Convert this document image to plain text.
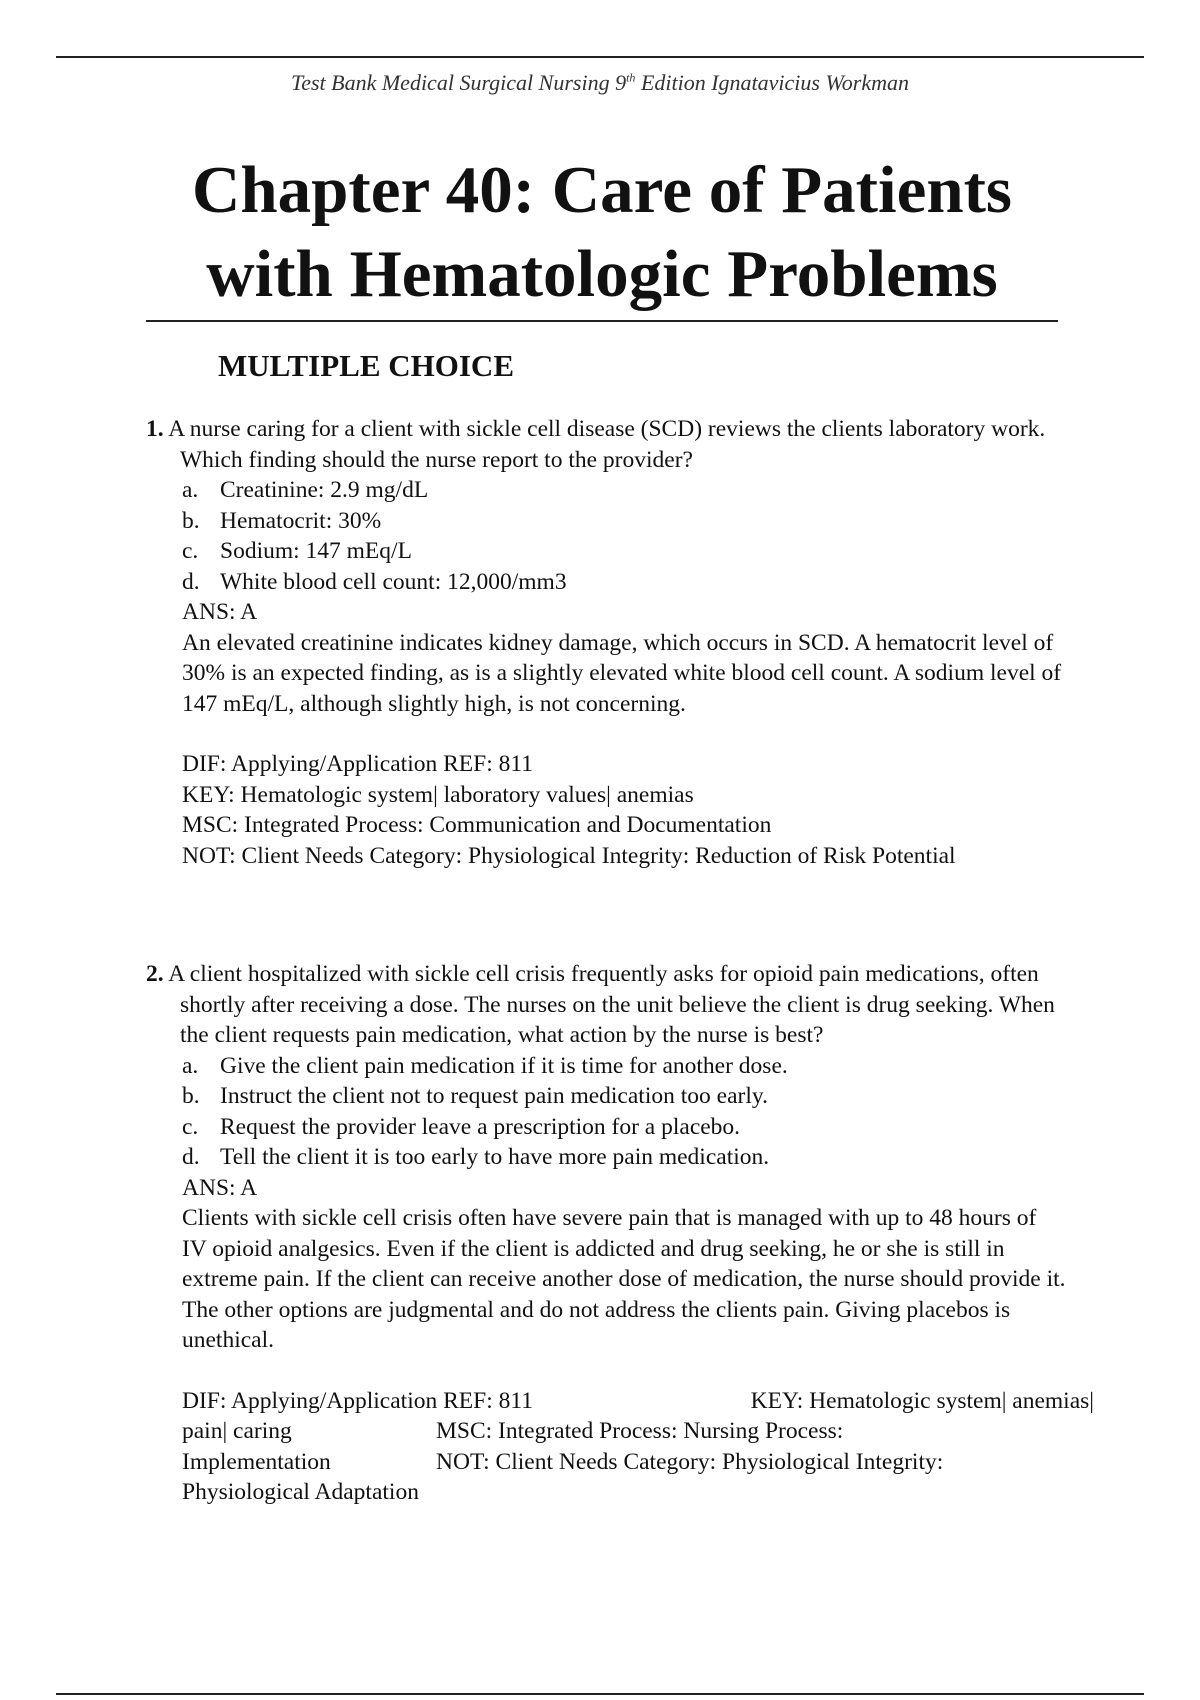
Test Bank Medical Surgical Nursing 9th Edition Ignatavicius Workman
Chapter 40: Care of Patients
with Hematologic Problems
MULTIPLE CHOICE

1. A nurse caring for a client with sickle cell disease (SCD) reviews the clients laboratory work. Which finding should the nurse report to the provider?

a. Creatinine: 2.9 mg/dL
b. Hematocrit: 30%
c. Sodium: 147 mEq/L
d. White blood cell count: 12,000/mm3

ANS: A

An elevated creatinine indicates kidney damage, which occurs in SCD. A hematocrit level of 30% is an expected finding, as is a slightly elevated white blood cell count. A sodium level of 147 mEq/L, although slightly high, is not concerning.

DIF: Applying/Application REF: 811
KEY: Hematologic system| laboratory values| anemias
MSC: Integrated Process: Communication and Documentation
NOT: Client Needs Category: Physiological Integrity: Reduction of Risk Potential

2. A client hospitalized with sickle cell crisis frequently asks for opioid pain medications, often shortly after receiving a dose. The nurses on the unit believe the client is drug seeking. When the client requests pain medication, what action by the nurse is best?

a. Give the client pain medication if it is time for another dose.
b. Instruct the client not to request pain medication too early.
c. Request the provider leave a prescription for a placebo.
d. Tell the client it is too early to have more pain medication.

ANS: A

Clients with sickle cell crisis often have severe pain that is managed with up to 48 hours of IV opioid analgesics. Even if the client is addicted and drug seeking, he or she is still in extreme pain. If the client can receive another dose of medication, the nurse should provide it. The other options are judgmental and do not address the clients pain. Giving placebos is unethical.

DIF: Applying/Application REF: 811	KEY: Hematologic system| anemias|
pain| caring	MSC: Integrated Process: Nursing Process:
Implementation	NOT: Client Needs Category: Physiological Integrity:
Physiological Adaptation
